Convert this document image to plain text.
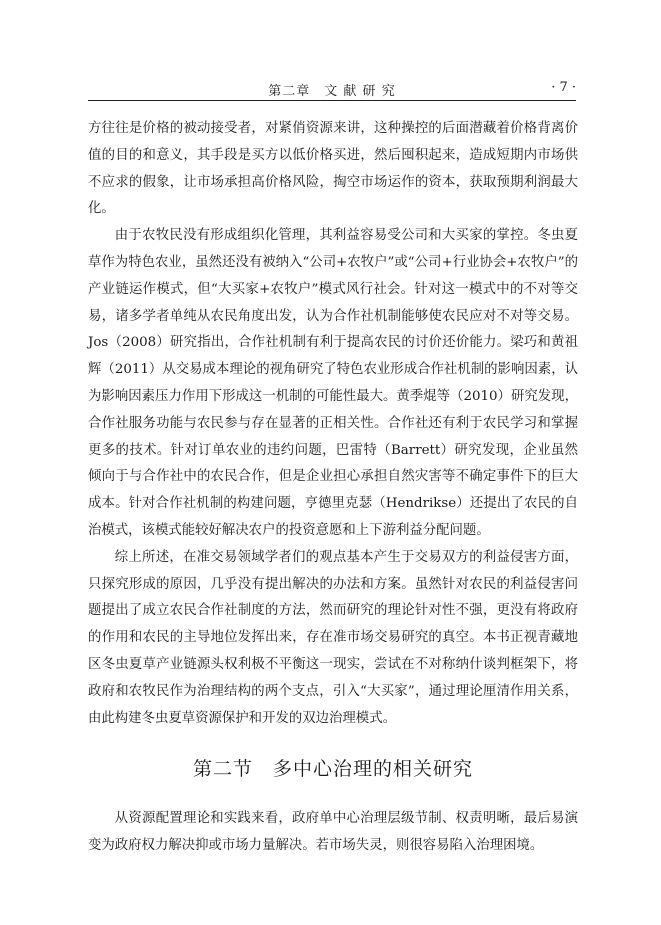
第二章　文 献 研 究	· 7 ·

方往往是价格的被动接受者，对紧俏资源来讲，这种操控的后面潜藏着价格背离价值的目的和意义，其手段是买方以低价格买进，然后囤积起来，造成短期内市场供不应求的假象，让市场承担高价格风险，掏空市场运作的资本，获取预期利润最大化。

由于农牧民没有形成组织化管理，其利益容易受公司和大买家的掌控。冬虫夏草作为特色农业，虽然还没有被纳入“公司+农牧户”或“公司+行业协会+农牧户”的产业链运作模式，但“大买家+农牧户”模式风行社会。针对这一模式中的不对等交易，诸多学者单纯从农民角度出发，认为合作社机制能够使农民应对不对等交易。Jos（2008）研究指出，合作社机制有利于提高农民的讨价还价能力。梁巧和黄祖辉（2011）从交易成本理论的视角研究了特色农业形成合作社机制的影响因素，认为影响因素压力作用下形成这一机制的可能性最大。黄季焜等（2010）研究发现，合作社服务功能与农民参与存在显著的正相关性。合作社还有利于农民学习和掌握更多的技术。针对订单农业的违约问题，巴雷特（Barrett）研究发现，企业虽然倾向于与合作社中的农民合作，但是企业担心承担自然灾害等不确定事件下的巨大成本。针对合作社机制的构建问题，亨德里克瑟（Hendrikse）还提出了农民的自治模式，该模式能较好解决农户的投资意愿和上下游利益分配问题。

综上所述，在准交易领域学者们的观点基本产生于交易双方的利益侵害方面，只探究形成的原因，几乎没有提出解决的办法和方案。虽然针对农民的利益侵害问题提出了成立农民合作社制度的方法，然而研究的理论针对性不强，更没有将政府的作用和农民的主导地位发挥出来，存在准市场交易研究的真空。本书正视青藏地区冬虫夏草产业链源头权利极不平衡这一现实，尝试在不对称纳什谈判框架下，将政府和农牧民作为治理结构的两个支点，引入“大买家”，通过理论厘清作用关系，由此构建冬虫夏草资源保护和开发的双边治理模式。

第二节　多中心治理的相关研究

从资源配置理论和实践来看，政府单中心治理层级节制、权责明晰，最后易演变为政府权力解决抑或市场力量解决。若市场失灵，则很容易陷入治理困境。
